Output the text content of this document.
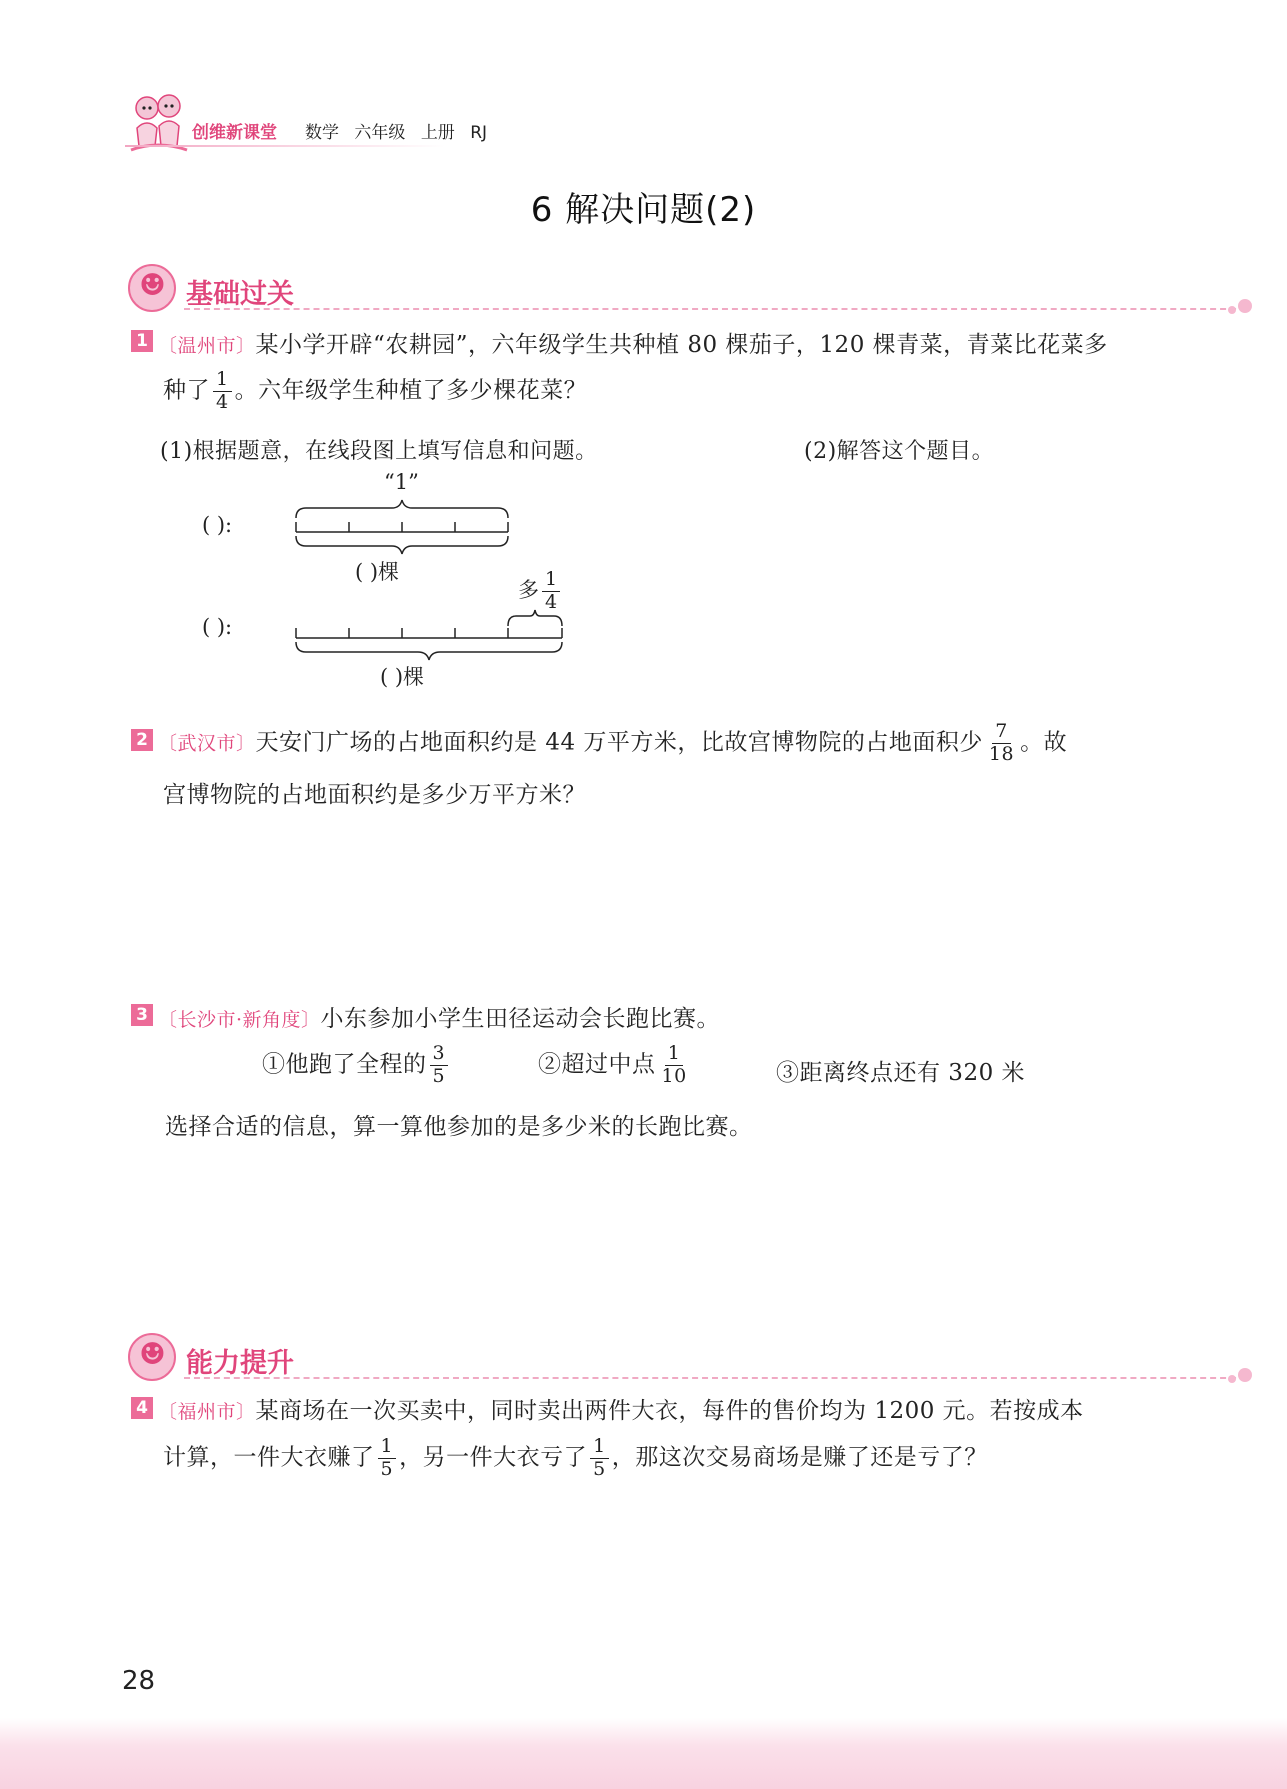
创维新课堂 数学 六年级 上册 RJ
6 解决问题(2)
☻
基础过关
1 〔温州市〕某小学开辟“农耕园”，六年级学生共种植 80 棵茄子，120 棵青菜，青菜比花菜多
种了 $\frac{1}{4}$ 。六年级学生种植了多少棵花菜？
(1)根据题意，在线段图上填写信息和问题。	(2)解答这个题目。
“1”
( ):
( )棵
多 $\frac{1}{4}$
( ):
( )棵
2 〔武汉市〕天安门广场的占地面积约是 44 万平方米，比故宫博物院的占地面积少 $\frac{7}{18}$ 。故
宫博物院的占地面积约是多少万平方米？
3 〔长沙市·新角度〕小东参加小学生田径运动会长跑比赛。
①他跑了全程的 $\frac{3}{5}$	②超过中点 $\frac{1}{10}$	③距离终点还有 320 米
选择合适的信息，算一算他参加的是多少米的长跑比赛。
☻
能力提升
4 〔福州市〕某商场在一次买卖中，同时卖出两件大衣，每件的售价均为 1200 元。若按成本
计算，一件大衣赚了 $\frac{1}{5}$ ，另一件大衣亏了 $\frac{1}{5}$ ，那这次交易商场是赚了还是亏了？
28
